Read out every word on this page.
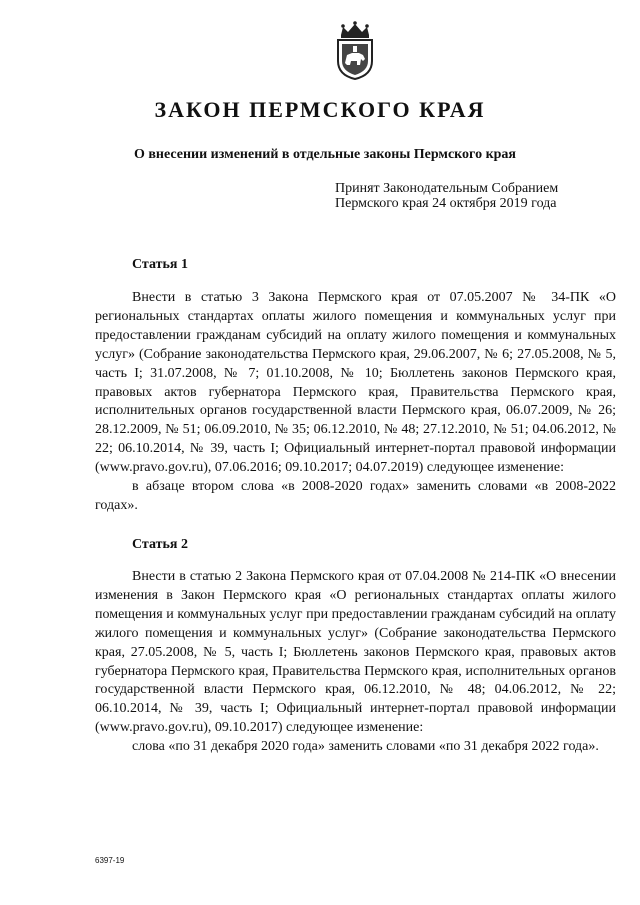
ЗАКОН ПЕРМСКОГО КРАЯ
О внесении изменений в отдельные законы Пермского края
Принят Законодательным Собранием
Пермского края 24 октября 2019 года
Статья 1

Внести в статью 3 Закона Пермского края от 07.05.2007 № 34-ПК «О региональных стандартах оплаты жилого помещения и коммунальных услуг при предоставлении гражданам субсидий на оплату жилого помещения и коммунальных услуг» (Собрание законодательства Пермского края, 29.06.2007, № 6; 27.05.2008, № 5, часть I; 31.07.2008, № 7; 01.10.2008, № 10; Бюллетень законов Пермского края, правовых актов губернатора Пермского края, Правительства Пермского края, исполнительных органов государственной власти Пермского края, 06.07.2009, № 26; 28.12.2009, № 51; 06.09.2010, № 35; 06.12.2010, № 48; 27.12.2010, № 51; 04.06.2012, № 22; 06.10.2014, № 39, часть I; Официальный интернет-портал правовой информации (www.pravo.gov.ru), 07.06.2016; 09.10.2017; 04.07.2019) следующее изменение:

в абзаце втором слова «в 2008-2020 годах» заменить словами «в 2008-2022 годах».

Статья 2

Внести в статью 2 Закона Пермского края от 07.04.2008 № 214-ПК «О внесении изменения в Закон Пермского края «О региональных стандартах оплаты жилого помещения и коммунальных услуг при предоставлении гражданам субсидий на оплату жилого помещения и коммунальных услуг» (Собрание законодательства Пермского края, 27.05.2008, № 5, часть I; Бюллетень законов Пермского края, правовых актов губернатора Пермского края, Правительства Пермского края, исполнительных органов государственной власти Пермского края, 06.12.2010, № 48; 04.06.2012, № 22; 06.10.2014, № 39, часть I; Официальный интернет-портал правовой информации (www.pravo.gov.ru), 09.10.2017) следующее изменение:

слова «по 31 декабря 2020 года» заменить словами «по 31 декабря 2022 года».

6397-19
